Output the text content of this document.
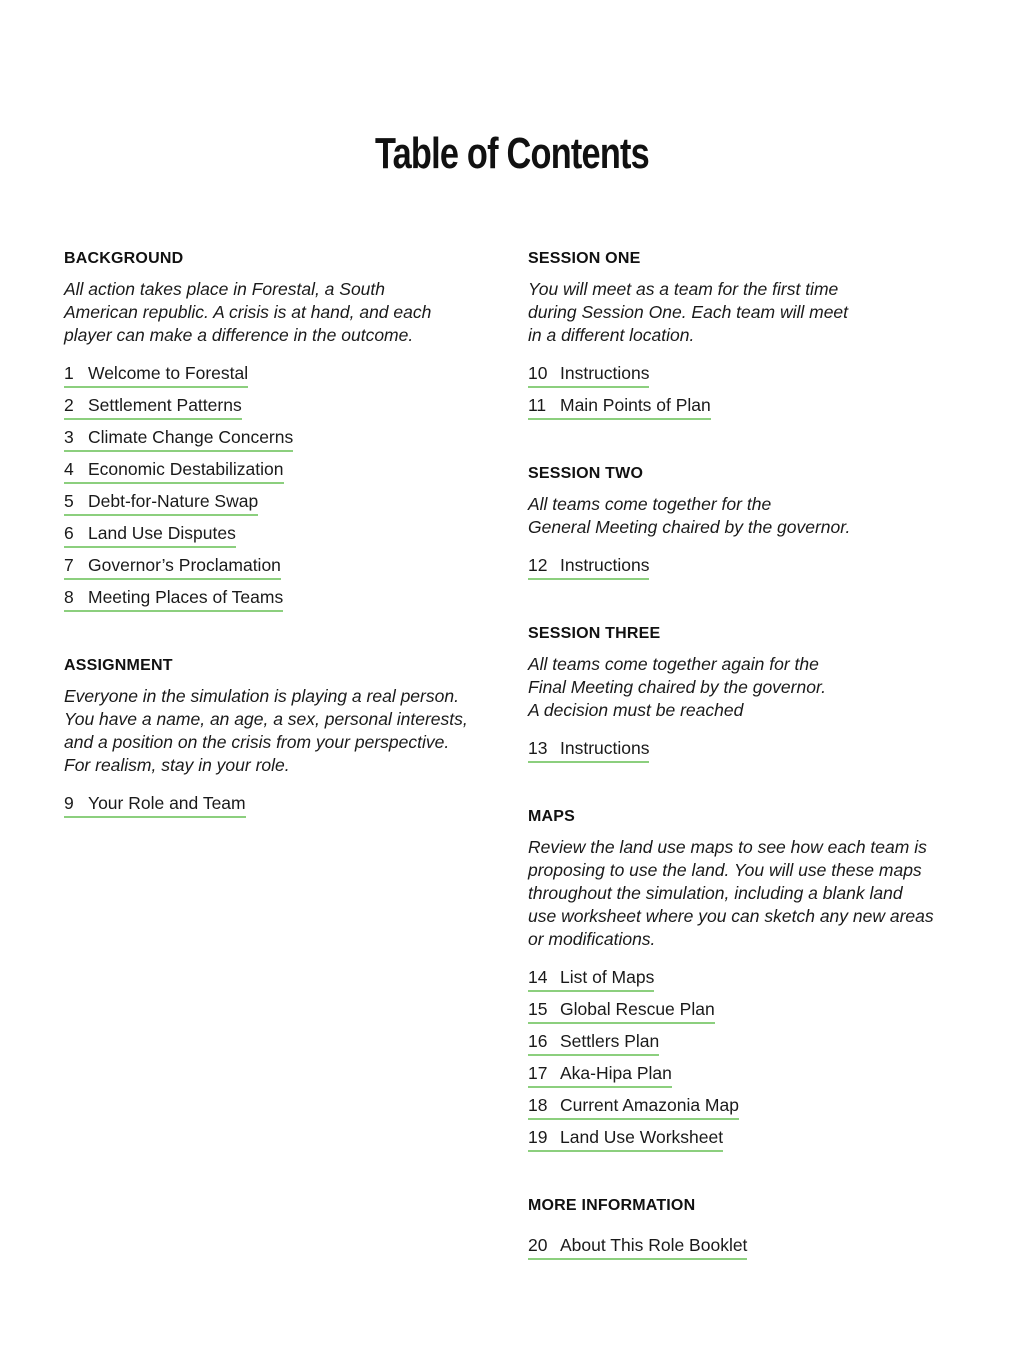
Table of Contents
BACKGROUND
All action takes place in Forestal, a South
American republic. A crisis is at hand, and each
player can make a difference in the outcome.
1 Welcome to Forestal
2 Settlement Patterns
3 Climate Change Concerns
4 Economic Destabilization
5 Debt-for-Nature Swap
6 Land Use Disputes
7 Governor’s Proclamation
8 Meeting Places of Teams
ASSIGNMENT
Everyone in the simulation is playing a real person.
You have a name, an age, a sex, personal interests,
and a position on the crisis from your perspective.
For realism, stay in your role.
9 Your Role and Team
SESSION ONE
You will meet as a team for the first time
during Session One. Each team will meet
in a different location.
10 Instructions
11 Main Points of Plan
SESSION TWO
All teams come together for the
General Meeting chaired by the governor.
12 Instructions
SESSION THREE
All teams come together again for the
Final Meeting chaired by the governor.
A decision must be reached
13 Instructions
MAPS
Review the land use maps to see how each team is
proposing to use the land. You will use these maps
throughout the simulation, including a blank land
use worksheet where you can sketch any new areas
or modifications.
14 List of Maps
15 Global Rescue Plan
16 Settlers Plan
17 Aka-Hipa Plan
18 Current Amazonia Map
19 Land Use Worksheet
MORE INFORMATION
20 About This Role Booklet
